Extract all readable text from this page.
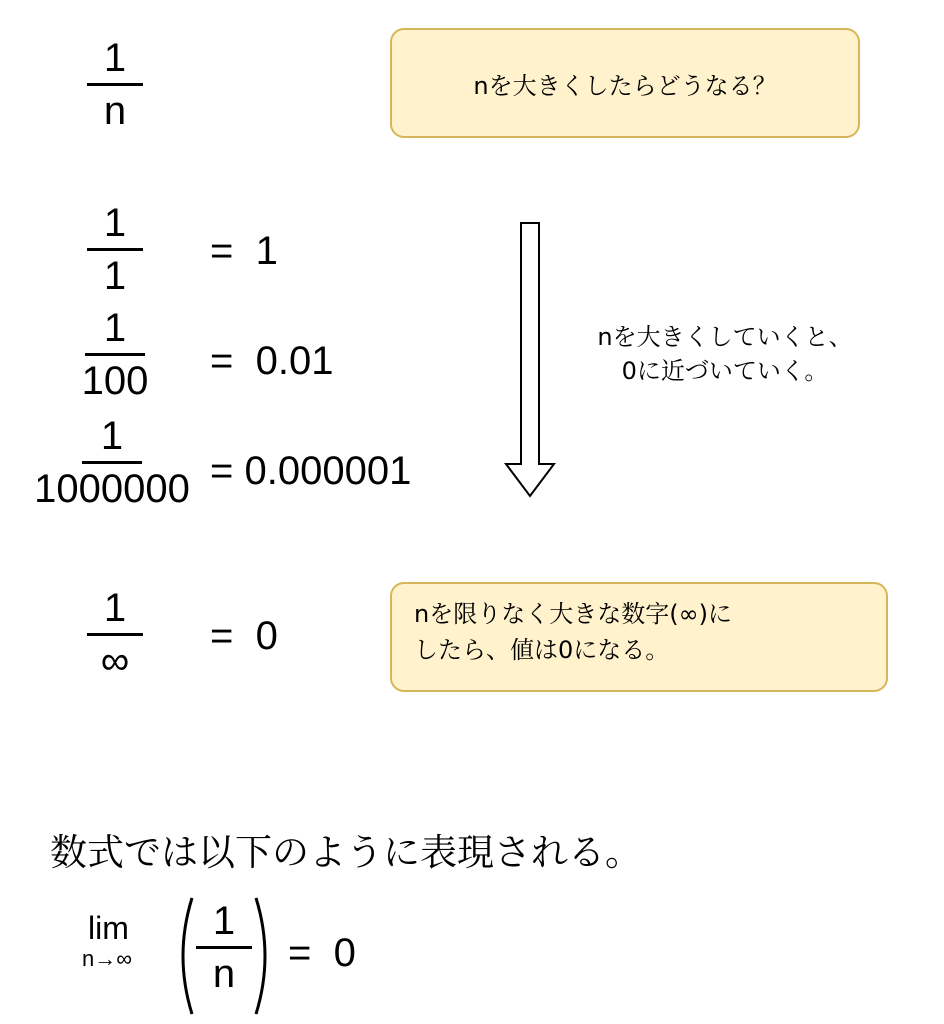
1
n
nを大きくしたらどうなる？
1
1
=  1
1
100 =  0.01
1
1000000 = 0.000001
nを大きくしていくと、
0に近づいていく。
1
∞
=  0	nを限りなく大きな数字(∞)に
したら、値は0になる。
数式では以下のように表現される。
lim
n→∞
1
n	=  0
